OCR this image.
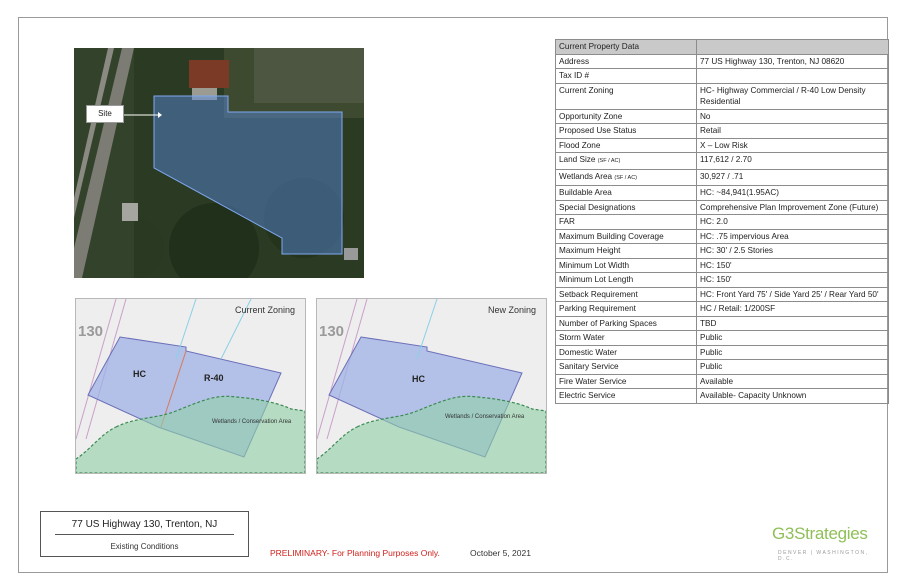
Site
Current Zoning
130
HC	R-40
Wetlands / Conservation Area
New Zoning
130
HC
Wetlands / Conservation Area
Current Property Data	
Address	77 US Highway 130, Trenton, NJ 08620
Tax ID #	
Current Zoning	HC- Highway Commercial / R-40 Low Density Residential
Opportunity Zone	No
Proposed Use Status	Retail
Flood Zone	X – Low Risk
Land Size (SF / AC)	117,612 / 2.70
Wetlands Area (SF / AC)	30,927 / .71
Buildable Area	HC: ~84,941(1.95AC)
Special Designations	Comprehensive Plan Improvement Zone (Future)
FAR	HC: 2.0
Maximum Building Coverage	HC: .75 impervious Area
Maximum Height	HC: 30' / 2.5 Stories
Minimum Lot Width	HC: 150'
Minimum Lot Length	HC: 150'
Setback Requirement	HC: Front Yard 75' / Side Yard 25' / Rear Yard 50'
Parking Requirement	HC / Retail: 1/200SF
Number of Parking Spaces	TBD
Storm Water	Public
Domestic Water	Public
Sanitary Service	Public
Fire Water Service	Available
Electric Service	Available- Capacity Unknown
77 US Highway 130, Trenton, NJ
Existing Conditions
PRELIMINARY- For Planning Purposes Only.	October 5, 2021
G3Strategies
DENVER | WASHINGTON, D.C.
